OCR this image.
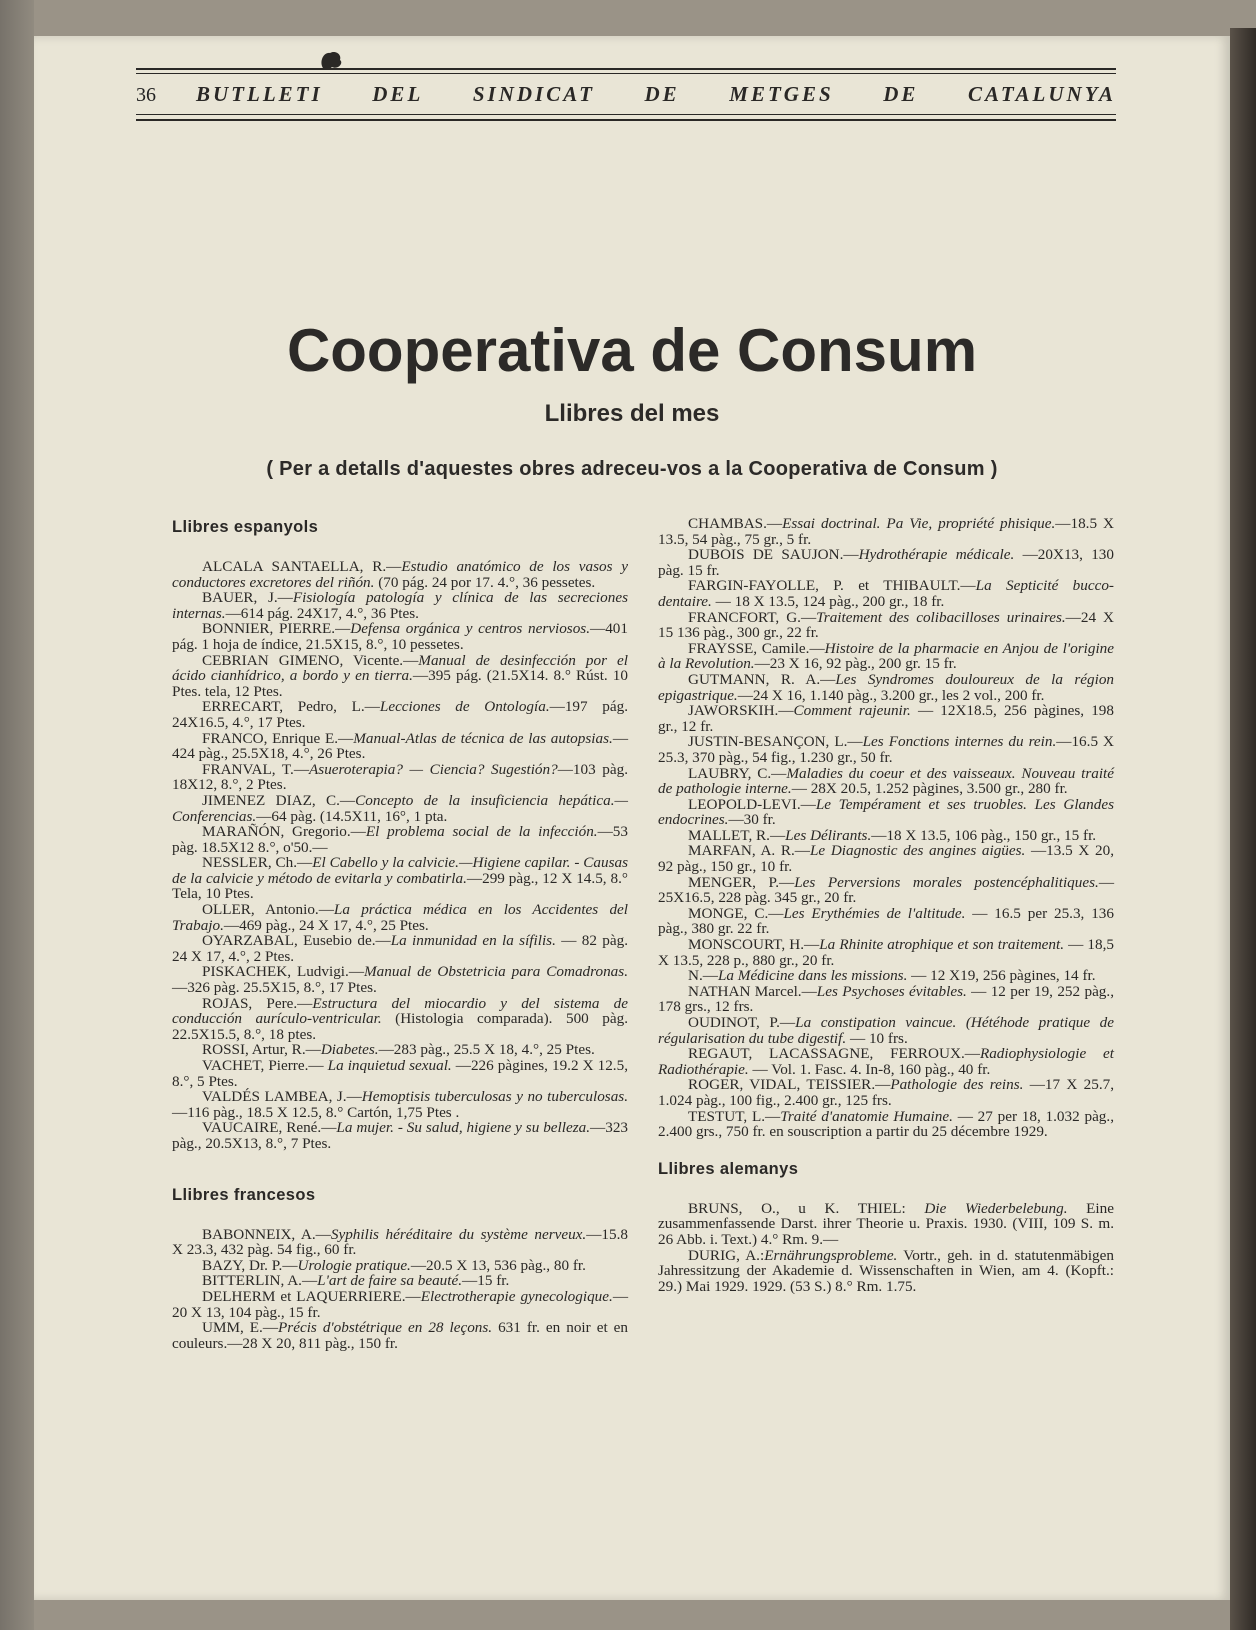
36 BUTLLETI DEL SINDICAT DE METGES DE CATALUNYA
Cooperativa de Consum
Llibres del mes
( Per a detalls d'aquestes obres adreceu-vos a la Cooperativa de Consum )
Llibres espanyols

ALCALA SANTAELLA, R.—Estudio anatómico de los vasos y conductores excretores del riñón. (70 pág. 24 por 17. 4.°, 36 pessetes.

BAUER, J.—Fisiología patología y clínica de las secreciones internas.—614 pág. 24X17, 4.°, 36 Ptes.

BONNIER, PIERRE.—Defensa orgánica y centros nerviosos.—401 pág. 1 hoja de índice, 21.5X15, 8.°, 10 pessetes.

CEBRIAN GIMENO, Vicente.—Manual de desinfección por el ácido cianhídrico, a bordo y en tierra.—395 pág. (21.5X14. 8.° Rúst. 10 Ptes. tela, 12 Ptes.

ERRECART, Pedro, L.—Lecciones de Ontología.—197 pág. 24X16.5, 4.°, 17 Ptes.

FRANCO, Enrique E.—Manual-Atlas de técnica de las autopsias.—424 pàg., 25.5X18, 4.°, 26 Ptes.

FRANVAL, T.—Asueroterapia? — Ciencia? Sugestión?—103 pàg. 18X12, 8.°, 2 Ptes.

JIMENEZ DIAZ, C.—Concepto de la insuficiencia hepática.—Conferencias.—64 pàg. (14.5X11, 16°, 1 pta.

MARAÑÓN, Gregorio.—El problema social de la infección.—53 pàg. 18.5X12 8.°, o'50.—

NESSLER, Ch.—El Cabello y la calvicie.—Higiene capilar. - Causas de la calvicie y método de evitarla y combatirla.—299 pàg., 12 X 14.5, 8.° Tela, 10 Ptes.

OLLER, Antonio.—La práctica médica en los Accidentes del Trabajo.—469 pàg., 24 X 17, 4.°, 25 Ptes.

OYARZABAL, Eusebio de.—La inmunidad en la sífilis. — 82 pàg. 24 X 17, 4.°, 2 Ptes.

PISKACHEK, Ludvigi.—Manual de Obstetricia para Comadronas.—326 pàg. 25.5X15, 8.°, 17 Ptes.

ROJAS, Pere.—Estructura del miocardio y del sistema de conducción aurículo-ventricular. (Histologia comparada). 500 pàg. 22.5X15.5, 8.°, 18 ptes.

ROSSI, Artur, R.—Diabetes.—283 pàg., 25.5 X 18, 4.°, 25 Ptes.

VACHET, Pierre.— La inquietud sexual. —226 pàgines, 19.2 X 12.5, 8.°, 5 Ptes.

VALDÉS LAMBEA, J.—Hemoptisis tuberculosas y no tuberculosas.—116 pàg., 18.5 X 12.5, 8.° Cartón, 1,75 Ptes .

VAUCAIRE, René.—La mujer. - Su salud, higiene y su belleza.—323 pàg., 20.5X13, 8.°, 7 Ptes.

Llibres francesos

BABONNEIX, A.—Syphilis héréditaire du système nerveux.—15.8 X 23.3, 432 pàg. 54 fig., 60 fr.

BAZY, Dr. P.—Urologie pratique.—20.5 X 13, 536 pàg., 80 fr.

BITTERLIN, A.—L'art de faire sa beauté.—15 fr.

DELHERM et LAQUERRIERE.—Electrotherapie gynecologique.—20 X 13, 104 pàg., 15 fr.

UMM, E.—Précis d'obstétrique en 28 leçons. 631 fr. en noir et en couleurs.—28 X 20, 811 pàg., 150 fr.

CHAMBAS.—Essai doctrinal. Pa Vie, propriété phisique.—18.5 X 13.5, 54 pàg., 75 gr., 5 fr.

DUBOIS DE SAUJON.—Hydrothérapie médicale. —20X13, 130 pàg. 15 fr.

FARGIN-FAYOLLE, P. et THIBAULT.—La Septicité bucco-dentaire. — 18 X 13.5, 124 pàg., 200 gr., 18 fr.

FRANCFORT, G.—Traitement des colibacilloses urinaires.—24 X 15 136 pàg., 300 gr., 22 fr.

FRAYSSE, Camile.—Histoire de la pharmacie en Anjou de l'origine à la Revolution.—23 X 16, 92 pàg., 200 gr. 15 fr.

GUTMANN, R. A.—Les Syndromes douloureux de la région epigastrique.—24 X 16, 1.140 pàg., 3.200 gr., les 2 vol., 200 fr.

JAWORSKIH.—Comment rajeunir. — 12X18.5, 256 pàgines, 198 gr., 12 fr.

JUSTIN-BESANÇON, L.—Les Fonctions internes du rein.—16.5 X 25.3, 370 pàg., 54 fig., 1.230 gr., 50 fr.

LAUBRY, C.—Maladies du coeur et des vaisseaux. Nouveau traité de pathologie interne.— 28X 20.5, 1.252 pàgines, 3.500 gr., 280 fr.

LEOPOLD-LEVI.—Le Tempérament et ses truobles. Les Glandes endocrines.—30 fr.

MALLET, R.—Les Délirants.—18 X 13.5, 106 pàg., 150 gr., 15 fr.

MARFAN, A. R.—Le Diagnostic des angines aigües. —13.5 X 20, 92 pàg., 150 gr., 10 fr.

MENGER, P.—Les Perversions morales postencéphalitiques.—25X16.5, 228 pàg. 345 gr., 20 fr.

MONGE, C.—Les Erythémies de l'altitude. — 16.5 per 25.3, 136 pàg., 380 gr. 22 fr.

MONSCOURT, H.—La Rhinite atrophique et son traitement. — 18,5 X 13.5, 228 p., 880 gr., 20 fr.

N.—La Médicine dans les missions. — 12 X19, 256 pàgines, 14 fr.

NATHAN Marcel.—Les Psychoses évitables. — 12 per 19, 252 pàg., 178 grs., 12 frs.

OUDINOT, P.—La constipation vaincue. (Hétéhode pratique de régularisation du tube digestif. — 10 frs.

REGAUT, LACASSAGNE, FERROUX.—Radiophysiologie et Radiothérapie. — Vol. 1. Fasc. 4. In-8, 160 pàg., 40 fr.

ROGER, VIDAL, TEISSIER.—Pathologie des reins. —17 X 25.7, 1.024 pàg., 100 fig., 2.400 gr., 125 frs.

TESTUT, L.—Traité d'anatomie Humaine. — 27 per 18, 1.032 pàg., 2.400 grs., 750 fr. en souscription a partir du 25 décembre 1929.

Llibres alemanys

BRUNS, O., u K. THIEL: Die Wiederbelebung. Eine zusammenfassende Darst. ihrer Theorie u. Praxis. 1930. (VIII, 109 S. m. 26 Abb. i. Text.) 4.° Rm. 9.—

DURIG, A.:Ernährungsprobleme. Vortr., geh. in d. statutenmäbigen Jahressitzung der Akademie d. Wissenschaften in Wien, am 4. (Kopft.: 29.) Mai 1929. 1929. (53 S.) 8.° Rm. 1.75.
